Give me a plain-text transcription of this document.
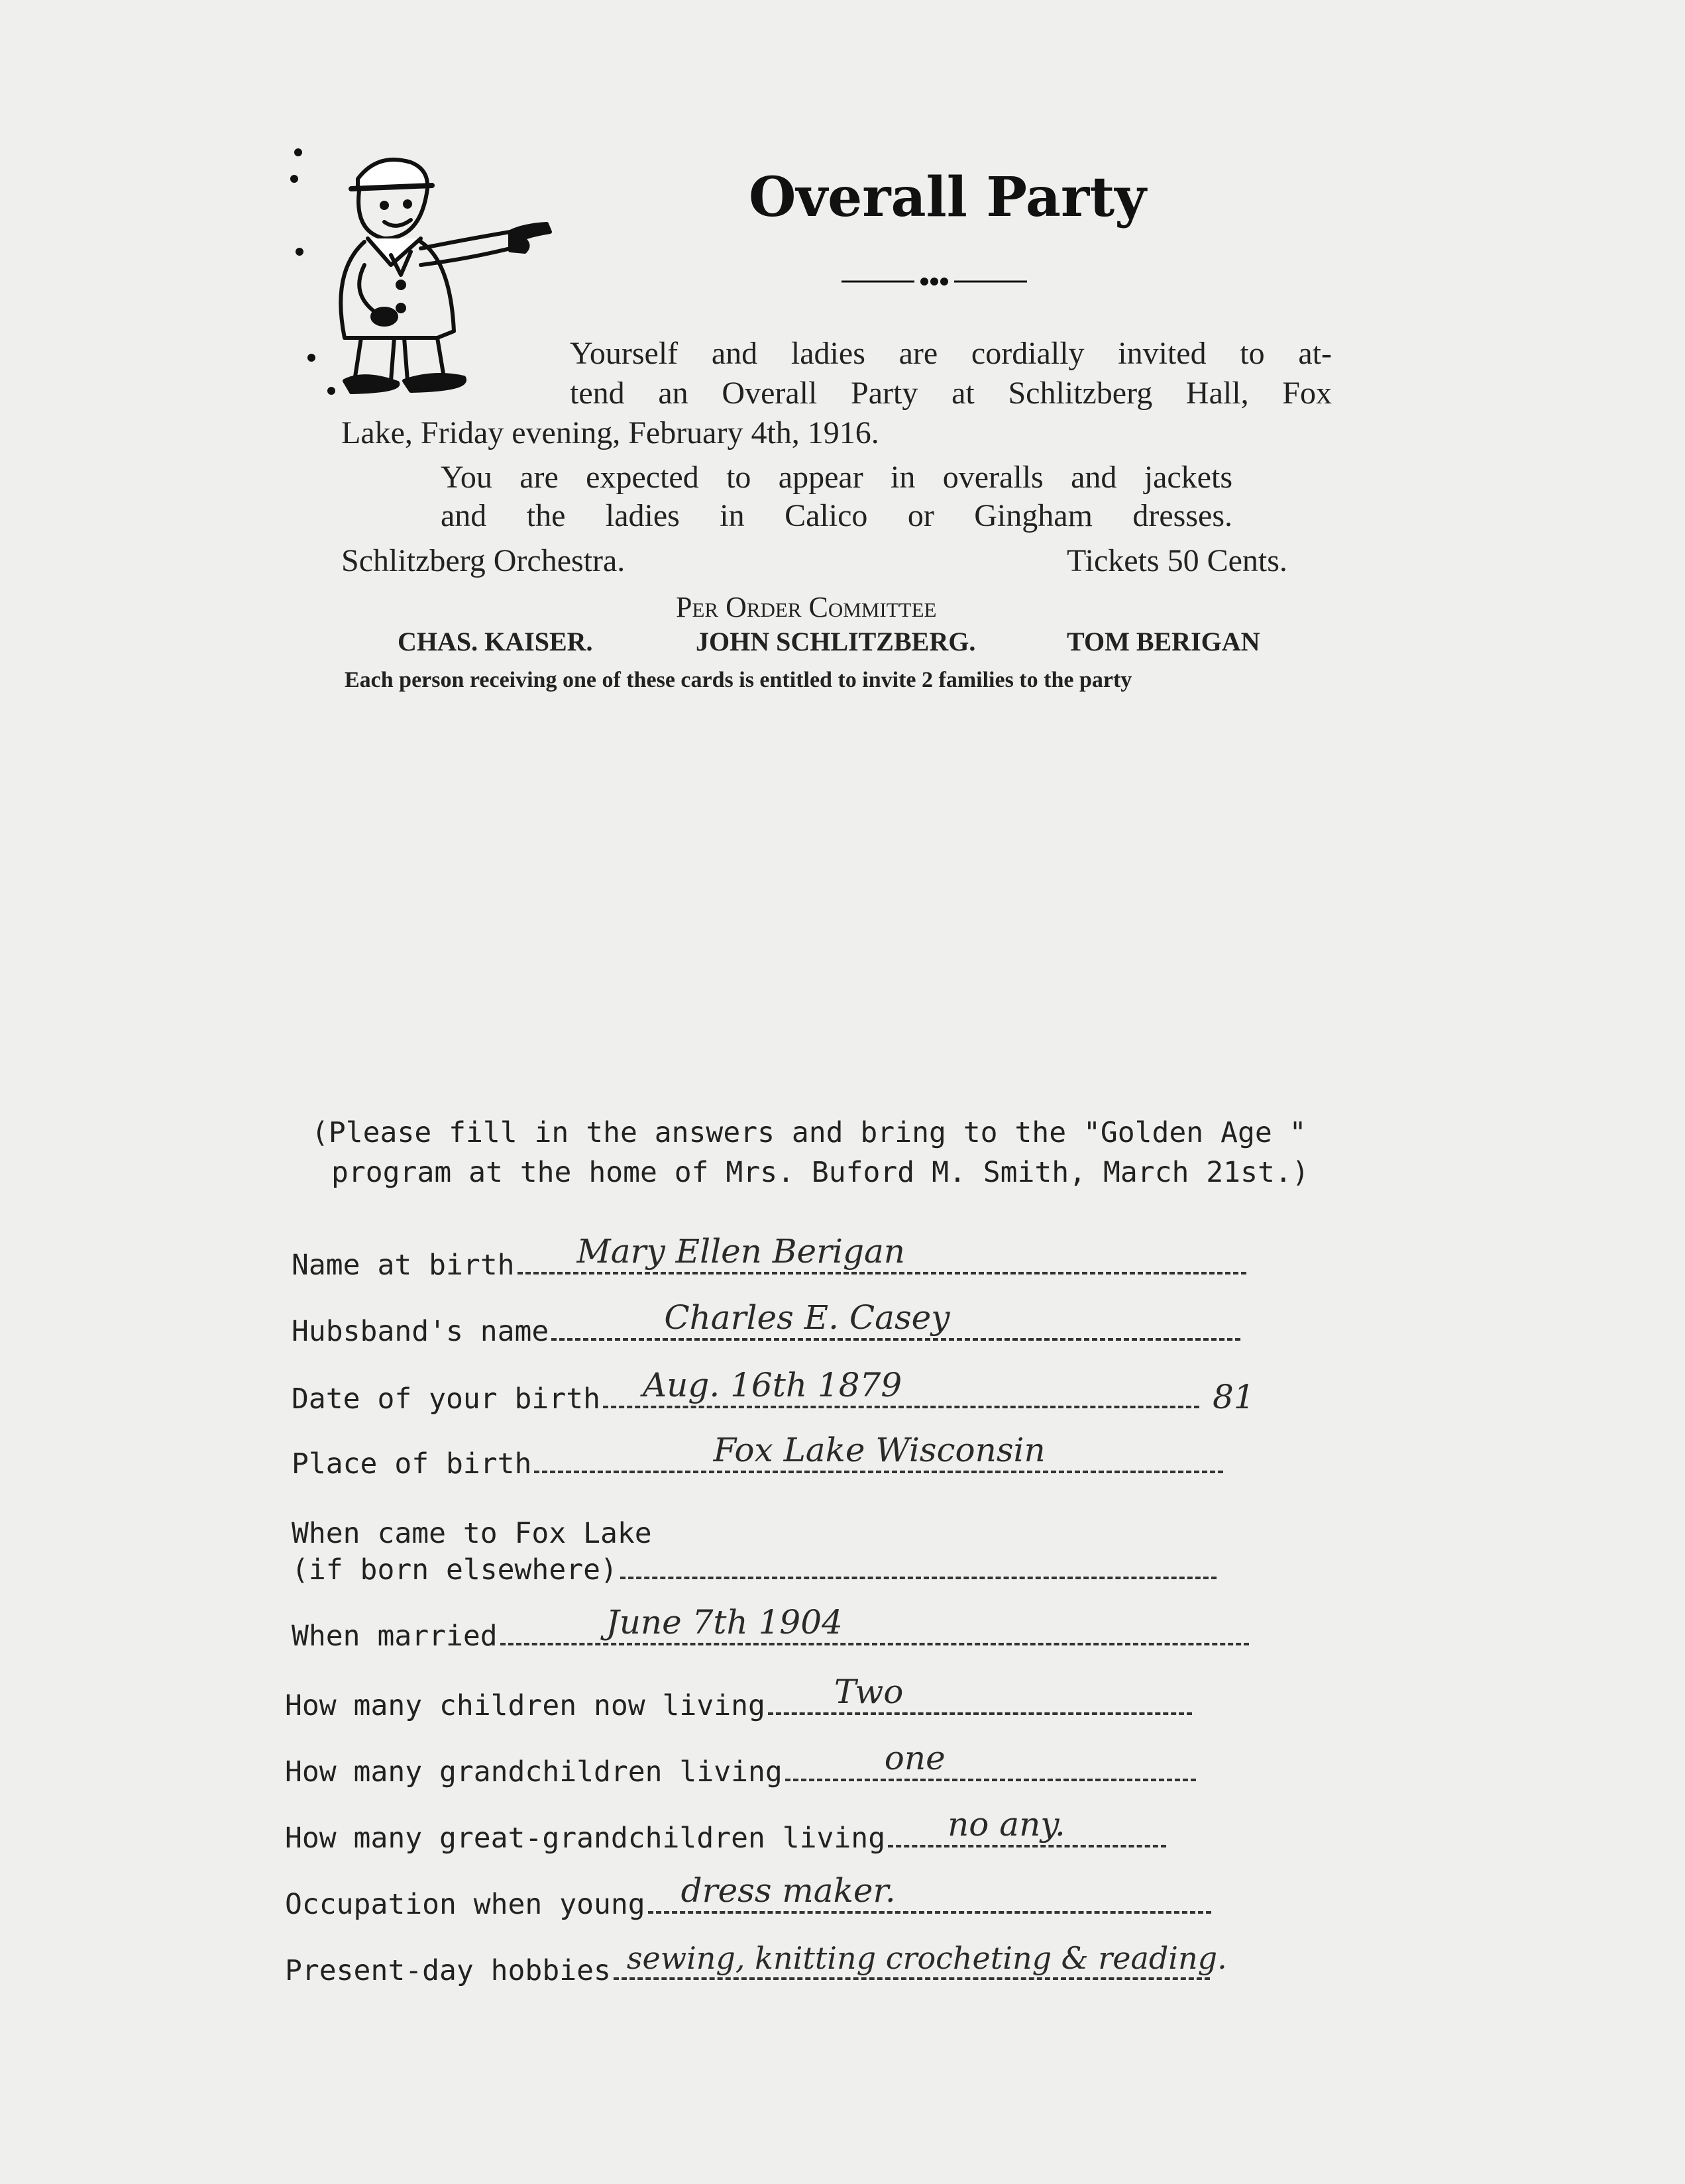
Overall Party
Yourself and ladies are cordially invited to at-
tend an Overall Party at Schlitzberg Hall, Fox
Lake, Friday evening, February 4th, 1916.
You are expected to appear in overalls and jackets
and the ladies in Calico or Gingham dresses.
Schlitzberg Orchestra.	Tickets 50 Cents.
Per Order Committee
CHAS. KAISER.	JOHN SCHLITZBERG.	TOM BERIGAN
Each person receiving one of these cards is entitled to invite 2 families to the party
(Please fill in the answers and bring to the "Golden Age "
program at the home of Mrs. Buford M. Smith, March 21st.)
Name at birth Mary Ellen Berigan
Hubsband's name	Charles E. Casey
Date of your birth Aug. 16th 1879	81
Place of birth	Fox Lake Wisconsin
When came to Fox Lake
(if born elsewhere)
When married	June 7th 1904
How many children now living Two
How many grandchildren living	one
How many great-grandchildren living no any.
Occupation when young dress maker.
Present-day hobbies sewing, knitting crocheting & reading.
